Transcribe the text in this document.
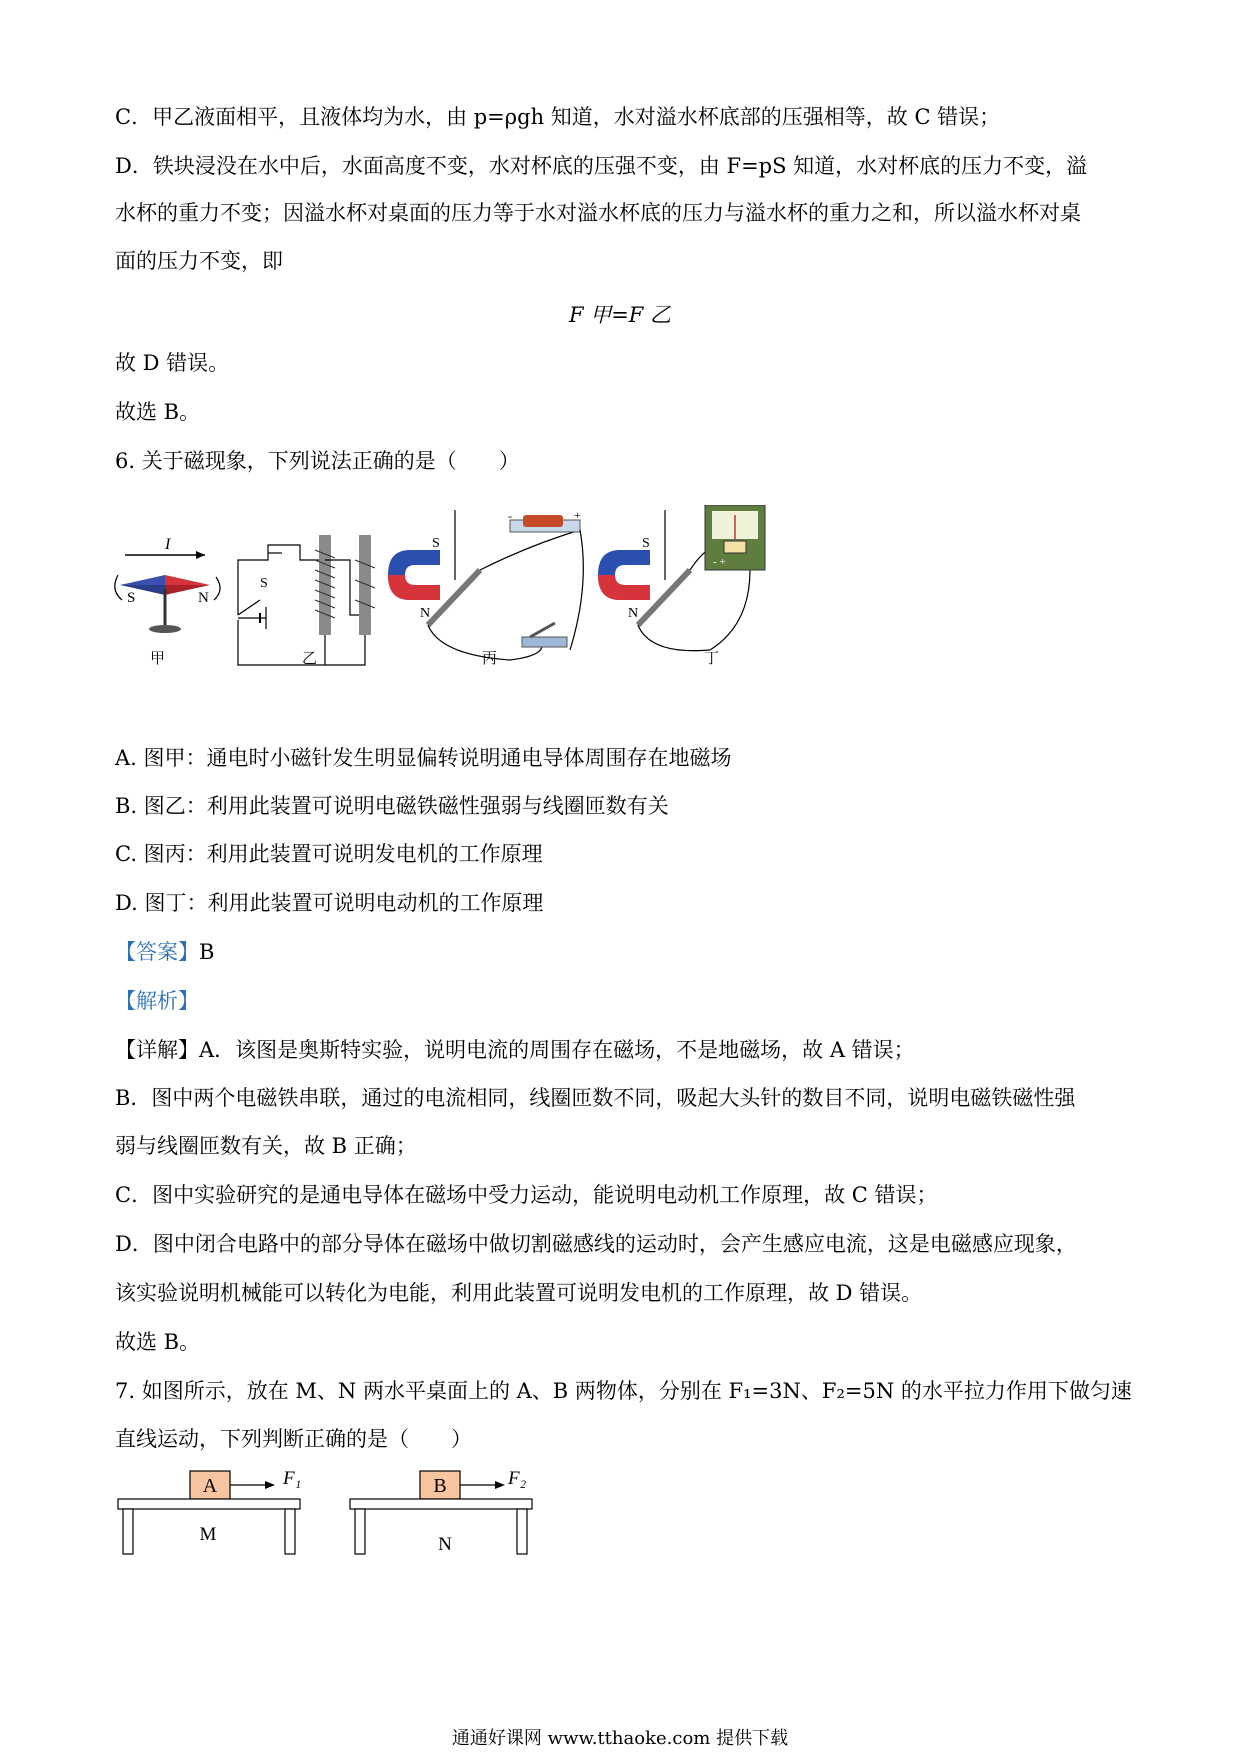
C．甲乙液面相平，且液体均为水，由 p=ρgh 知道，水对溢水杯底部的压强相等，故 C 错误；
D．铁块浸没在水中后，水面高度不变，水对杯底的压强不变，由 F=pS 知道，水对杯底的压力不变，溢
水杯的重力不变；因溢水杯对桌面的压力等于水对溢水杯底的压力与溢水杯的重力之和，所以溢水杯对桌
面的压力不变，即
F 甲=F 乙
故 D 错误。
故选 B。
6. 关于磁现象，下列说法正确的是（　　）
I
S	N
甲
S
乙
S
N
-	+
丙
S
N
- +
丁
A. 图甲：通电时小磁针发生明显偏转说明通电导体周围存在地磁场
B. 图乙：利用此装置可说明电磁铁磁性强弱与线圈匝数有关
C. 图丙：利用此装置可说明发电机的工作原理
D. 图丁：利用此装置可说明电动机的工作原理
【答案】B
【解析】
【详解】A．该图是奥斯特实验，说明电流的周围存在磁场，不是地磁场，故 A 错误；
B．图中两个电磁铁串联，通过的电流相同，线圈匝数不同，吸起大头针的数目不同，说明电磁铁磁性强
弱与线圈匝数有关，故 B 正确；
C．图中实验研究的是通电导体在磁场中受力运动，能说明电动机工作原理，故 C 错误；
D．图中闭合电路中的部分导体在磁场中做切割磁感线的运动时，会产生感应电流，这是电磁感应现象，
该实验说明机械能可以转化为电能，利用此装置可说明发电机的工作原理，故 D 错误。
故选 B。
7. 如图所示，放在 M、N 两水平桌面上的 A、B 两物体，分别在 F₁=3N、F₂=5N 的水平拉力作用下做匀速
直线运动，下列判断正确的是（　　）
A	F₁
M
B	F₂
N
通通好课网 www.tthaoke.com 提供下载
